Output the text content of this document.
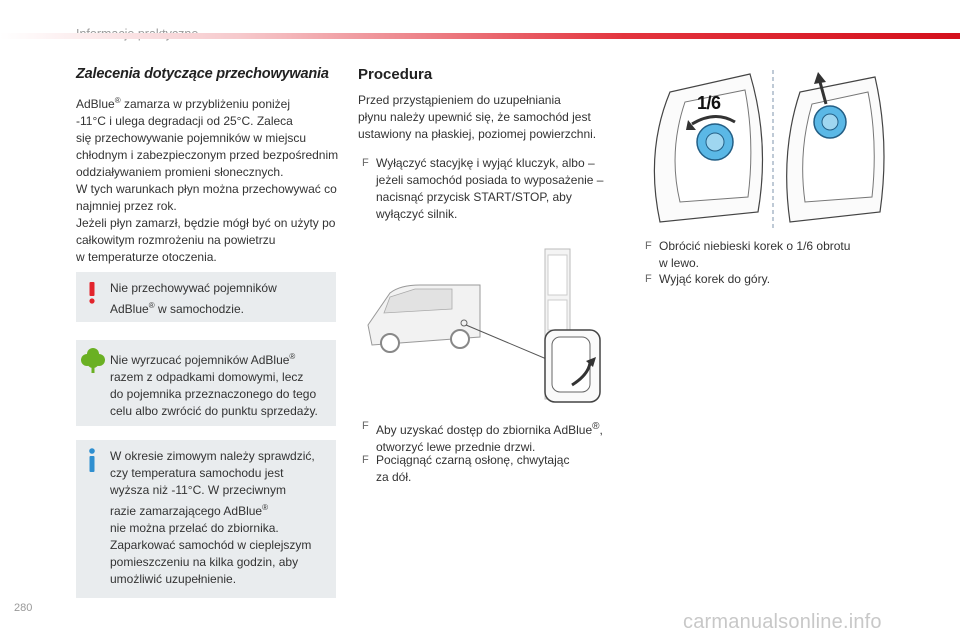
Zalecenia dotyczące przechowywania
AdBlue® zamarza w przybliżeniu poniżej
-11°C i ulega degradacji od 25°C. Zaleca
się przechowywanie pojemników w miejscu
chłodnym i zabezpieczonym przed bezpośrednim
oddziaływaniem promieni słonecznych.
W tych warunkach płyn można przechowywać co
najmniej przez rok.
Jeżeli płyn zamarzł, będzie mógł być on użyty po
całkowitym rozmrożeniu na powietrzu
w temperaturze otoczenia.
Nie przechowywać pojemników
AdBlue® w samochodzie.
Nie wyrzucać pojemników AdBlue®
razem z odpadkami domowymi, lecz
do pojemnika przeznaczonego do tego
celu albo zwrócić do punktu sprzedaży.
W okresie zimowym należy sprawdzić,
czy temperatura samochodu jest
wyższa niż -11°C. W przeciwnym
razie zamarzającego AdBlue®
nie można przelać do zbiornika.
Zaparkować samochód w cieplejszym
pomieszczeniu na kilka godzin, aby
umożliwić uzupełnienie.
Procedura
Przed przystąpieniem do uzupełniania
płynu należy upewnić się, że samochód jest
ustawiony na płaskiej, poziomej powierzchni.
F Wyłączyć stacyjkę i wyjąć kluczyk, albo –
jeżeli samochód posiada to wyposażenie –
nacisnąć przycisk START/STOP, aby
wyłączyć silnik.
F Aby uzyskać dostęp do zbiornika AdBlue®,
otworzyć lewe przednie drzwi.
F Pociągnąć czarną osłonę, chwytając
za dół.
1/6
F Obrócić niebieski korek o 1/6 obrotu
w lewo.
F Wyjąć korek do góry.
280
carmanualsonline.info
